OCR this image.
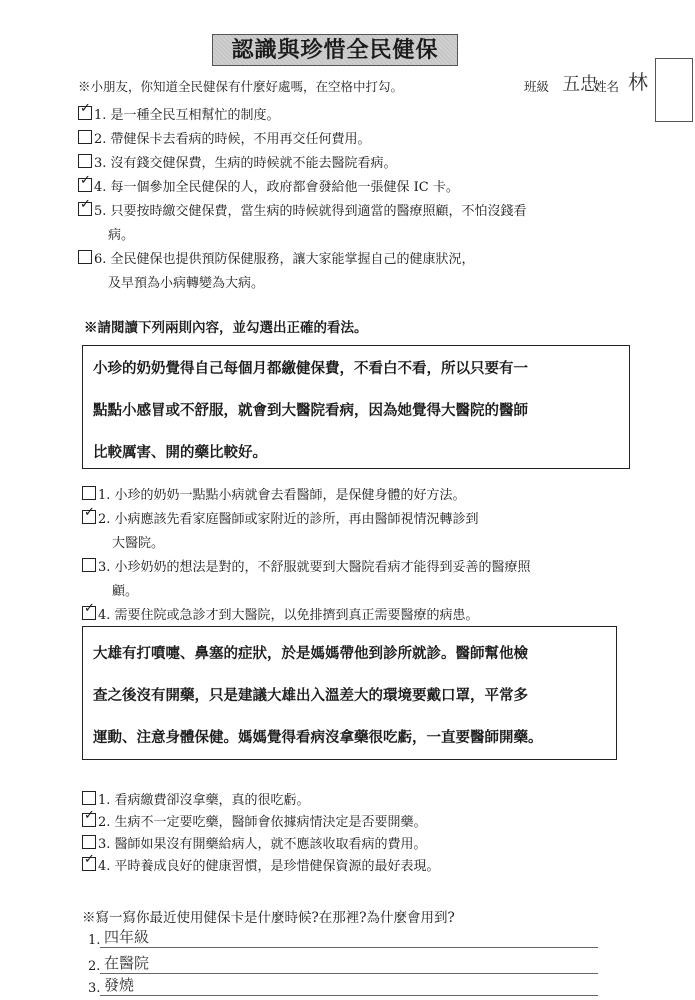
認識與珍惜全民健保
※小朋友，你知道全民健保有什麼好處嗎，在空格中打勾。	班級 五忠
姓名 林
✓ 1. 是一種全民互相幫忙的制度。
2. 帶健保卡去看病的時候，不用再交任何費用。
3. 沒有錢交健保費，生病的時候就不能去醫院看病。
✓ 4. 每一個參加全民健保的人，政府都會發給他一張健保 IC 卡。
✓ 5. 只要按時繳交健保費，當生病的時候就得到適當的醫療照顧，不怕沒錢看
病。
6. 全民健保也提供預防保健服務，讓大家能掌握自己的健康狀況，
及早預為小病轉變為大病。
※請閱讀下列兩則內容，並勾選出正確的看法。
小珍的奶奶覺得自己每個月都繳健保費，不看白不看，所以只要有一
點點小感冒或不舒服，就會到大醫院看病，因為她覺得大醫院的醫師
比較厲害、開的藥比較好。
1. 小珍的奶奶一點點小病就會去看醫師，是保健身體的好方法。
✓ 2. 小病應該先看家庭醫師或家附近的診所，再由醫師視情況轉診到
大醫院。
3. 小珍奶奶的想法是對的，不舒服就要到大醫院看病才能得到妥善的醫療照
顧。
✓ 4. 需要住院或急診才到大醫院，以免排擠到真正需要醫療的病患。
大雄有打噴嚏、鼻塞的症狀，於是媽媽帶他到診所就診。醫師幫他檢
查之後沒有開藥，只是建議大雄出入溫差大的環境要戴口罩，平常多
運動、注意身體保健。媽媽覺得看病沒拿藥很吃虧，一直要醫師開藥。
1. 看病繳費卻沒拿藥，真的很吃虧。
✓ 2. 生病不一定要吃藥，醫師會依據病情決定是否要開藥。
3. 醫師如果沒有開藥給病人，就不應該收取看病的費用。
✓ 4. 平時養成良好的健康習慣，是珍惜健保資源的最好表現。
※寫一寫你最近使用健保卡是什麼時候?在那裡?為什麼會用到?
1. 四年級
2. 在醫院
3. 發燒
